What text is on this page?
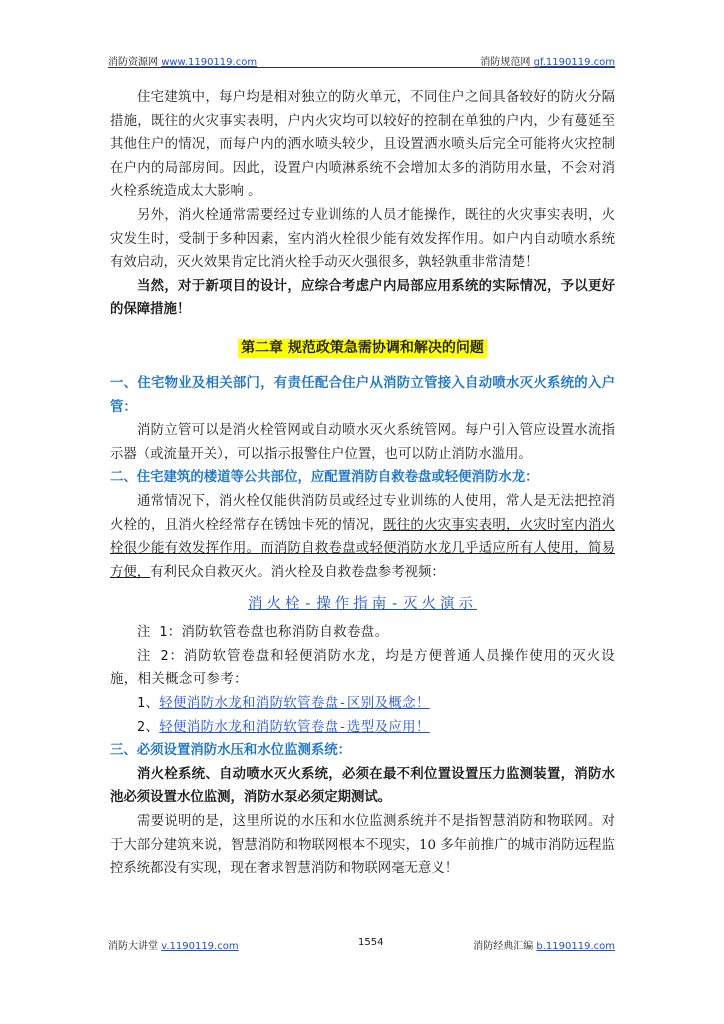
消防资源网 www.1190119.com	消防规范网 gf.1190119.com

住宅建筑中，每户均是相对独立的防火单元，不同住户之间具备较好的防火分隔措施，既往的火灾事实表明，户内火灾均可以较好的控制在单独的户内，少有蔓延至其他住户的情况，而每户内的洒水喷头较少，且设置洒水喷头后完全可能将火灾控制在户内的局部房间。因此，设置户内喷淋系统不会增加太多的消防用水量，不会对消火栓系统造成太大影响 。

另外，消火栓通常需要经过专业训练的人员才能操作，既往的火灾事实表明，火灾发生时，受制于多种因素，室内消火栓很少能有效发挥作用。如户内自动喷水系统有效启动，灭火效果肯定比消火栓手动灭火强很多，孰轻孰重非常清楚！

当然，对于新项目的设计，应综合考虑户内局部应用系统的实际情况，予以更好的保障措施！

第二章 规范政策急需协调和解决的问题

一、住宅物业及相关部门，有责任配合住户从消防立管接入自动喷水灭火系统的入户管：

消防立管可以是消火栓管网或自动喷水灭火系统管网。每户引入管应设置水流指示器（或流量开关），可以指示报警住户位置，也可以防止消防水滥用。

二、住宅建筑的楼道等公共部位，应配置消防自救卷盘或轻便消防水龙：

通常情况下，消火栓仅能供消防员或经过专业训练的人使用，常人是无法把控消火栓的，且消火栓经常存在锈蚀卡死的情况，既往的火灾事实表明，火灾时室内消火栓很少能有效发挥作用。而消防自救卷盘或轻便消防水龙几乎适应所有人使用，简易方便，有利民众自救灭火。消火栓及自救卷盘参考视频：

消火栓-操作指南-灭火演示

注 1：消防软管卷盘也称消防自救卷盘。

注 2：消防软管卷盘和轻便消防水龙，均是方便普通人员操作使用的灭火设施，相关概念可参考：

1、轻便消防水龙和消防软管卷盘-区别及概念！

2、轻便消防水龙和消防软管卷盘-选型及应用！

三、必须设置消防水压和水位监测系统：

消火栓系统、自动喷水灭火系统，必须在最不利位置设置压力监测装置，消防水池必须设置水位监测，消防水泵必须定期测试。

需要说明的是，这里所说的水压和水位监测系统并不是指智慧消防和物联网。对于大部分建筑来说，智慧消防和物联网根本不现实，10 多年前推广的城市消防远程监控系统都没有实现，现在奢求智慧消防和物联网毫无意义！

消防大讲堂 v.1190119.com	1554	消防经典汇编 b.1190119.com
